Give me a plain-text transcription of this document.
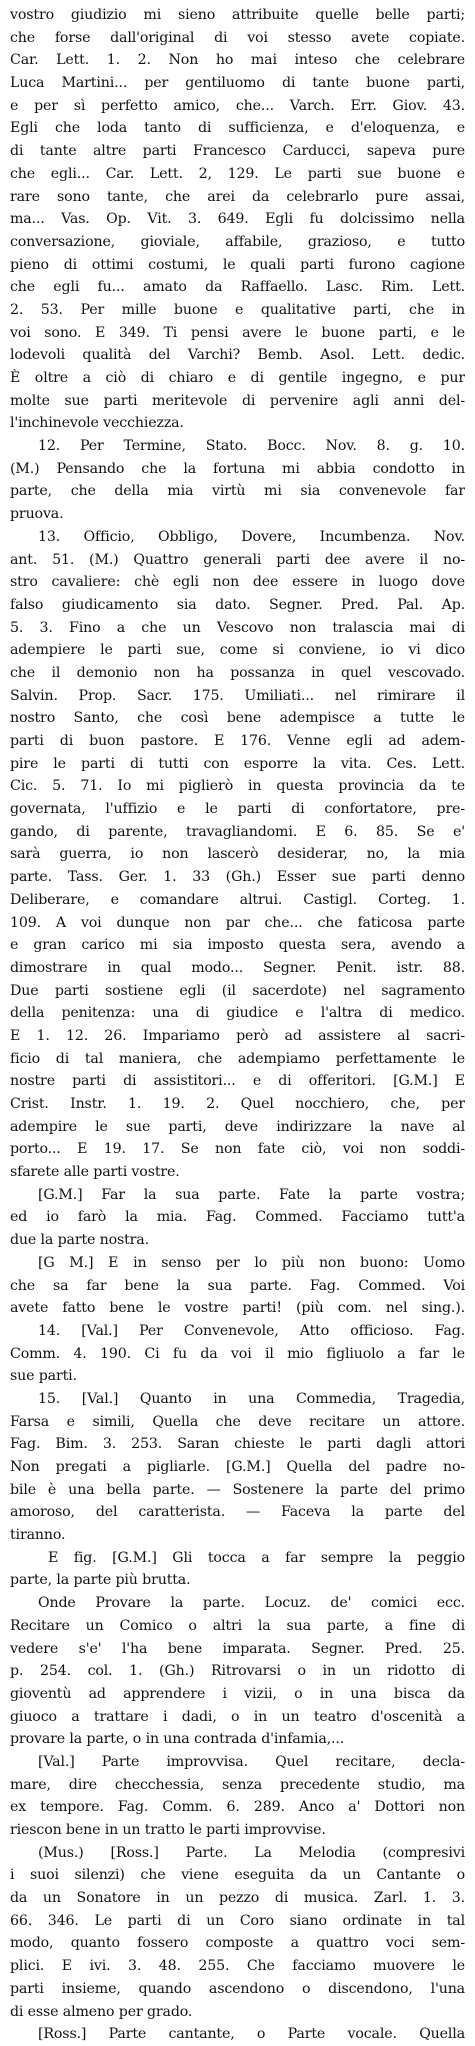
vostro giudizio mi sieno attribuite quelle belle parti;
che forse dall'original di voi stesso avete copiate.
Car. Lett. 1. 2. Non ho mai inteso che celebrare
Luca Martini... per gentiluomo di tante buone parti,
e per sì perfetto amico, che... Varch. Err. Giov. 43.
Egli che loda tanto di sufficienza, e d'eloquenza, e
di tante altre parti Francesco Carducci, sapeva pure
che egli... Car. Lett. 2, 129. Le parti sue buone e
rare sono tante, che arei da celebrarlo pure assai,
ma... Vas. Op. Vit. 3. 649. Egli fu dolcissimo nella
conversazione, gioviale, affabile, grazioso, e tutto
pieno di ottimi costumi, le quali parti furono cagione
che egli fu... amato da Raffaello. Lasc. Rim. Lett.
2. 53. Per mille buone e qualitative parti, che in
voi sono. E 349. Ti pensi avere le buone parti, e le
lodevoli qualità del Varchi? Bemb. Asol. Lett. dedic.
È oltre a ciò di chiaro e di gentile ingegno, e pur
molte sue parti meritevole di pervenire agli anni del-
l'inchinevole vecchiezza.
12. Per Termine, Stato. Bocc. Nov. 8. g. 10.
(M.) Pensando che la fortuna mi abbia condotto in
parte, che della mia virtù mi sia convenevole far
pruova.
13. Officio, Obbligo, Dovere, Incumbenza. Nov.
ant. 51. (M.) Quattro generali parti dee avere il no-
stro cavaliere: chè egli non dee essere in luogo dove
falso giudicamento sia dato. Segner. Pred. Pal. Ap.
5. 3. Fino a che un Vescovo non tralascia mai di
adempiere le parti sue, come si conviene, io vi dico
che il demonio non ha possanza in quel vescovado.
Salvin. Prop. Sacr. 175. Umiliati... nel rimirare il
nostro Santo, che così bene adempisce a tutte le
parti di buon pastore. E 176. Venne egli ad adem-
pire le parti di tutti con esporre la vita. Ces. Lett.
Cic. 5. 71. Io mi piglierò in questa provincia da te
governata, l'uffizio e le parti di confortatore, pre-
gando, di parente, travagliandomi. E 6. 85. Se e'
sarà guerra, io non lascerò desiderar, no, la mia
parte. Tass. Ger. 1. 33 (Gh.) Esser sue parti denno
Deliberare, e comandare altrui. Castigl. Corteg. 1.
109. A voi dunque non par che... che faticosa parte
e gran carico mi sia imposto questa sera, avendo a
dimostrare in qual modo... Segner. Penit. istr. 88.
Due parti sostiene egli (il sacerdote) nel sagramento
della penitenza: una di giudice e l'altra di medico.
E 1. 12. 26. Impariamo però ad assistere al sacri-
ficio di tal maniera, che adempiamo perfettamente le
nostre parti di assistitori... e di offeritori. [G.M.] E
Crist. Instr. 1. 19. 2. Quel nocchiero, che, per
adempire le sue parti, deve indirizzare la nave al
porto... E 19. 17. Se non fate ciò, voi non soddi-
sfarete alle parti vostre.
[G.M.] Far la sua parte. Fate la parte vostra;
ed io farò la mia. Fag. Commed. Facciamo tutt'a
due la parte nostra.
[G M.] E in senso per lo più non buono: Uomo
che sa far bene la sua parte. Fag. Commed. Voi
avete fatto bene le vostre parti! (più com. nel sing.).
14. [Val.] Per Convenevole, Atto officioso. Fag.
Comm. 4. 190. Ci fu da voi il mio figliuolo a far le
sue parti.
15. [Val.] Quanto in una Commedia, Tragedia,
Farsa e simili, Quella che deve recitare un attore.
Fag. Bim. 3. 253. Saran chieste le parti dagli attori
Non pregati a pigliarle. [G.M.] Quella del padre no-
bile è una bella parte. — Sostenere la parte del primo
amoroso, del caratterista. — Faceva la parte del
tiranno.
E fig. [G.M.] Gli tocca a far sempre la peggio
parte, la parte più brutta.
Onde Provare la parte. Locuz. de' comici ecc.
Recitare un Comico o altri la sua parte, a fine di
vedere s'e' l'ha bene imparata. Segner. Pred. 25.
p. 254. col. 1. (Gh.) Ritrovarsi o in un ridotto di
gioventù ad apprendere i vizii, o in una bisca da
giuoco a trattare i dadi, o in un teatro d'oscenità a
provare la parte, o in una contrada d'infamia,...
[Val.] Parte improvvisa. Quel recitare, decla-
mare, dire checchessia, senza precedente studio, ma
ex tempore. Fag. Comm. 6. 289. Anco a' Dottori non
riescon bene in un tratto le parti improvvise.
(Mus.) [Ross.] Parte. La Melodia (compresivi
i suoi silenzi) che viene eseguita da un Cantante o
da un Sonatore in un pezzo di musica. Zarl. 1. 3.
66. 346. Le parti di un Coro siano ordinate in tal
modo, quanto fossero composte a quattro voci sem-
plici. E ivi. 3. 48. 255. Che facciamo muovere le
parti insieme, quando ascendono o discendono, l'una
di esse almeno per grado.
[Ross.] Parte cantante, o Parte vocale. Quella
